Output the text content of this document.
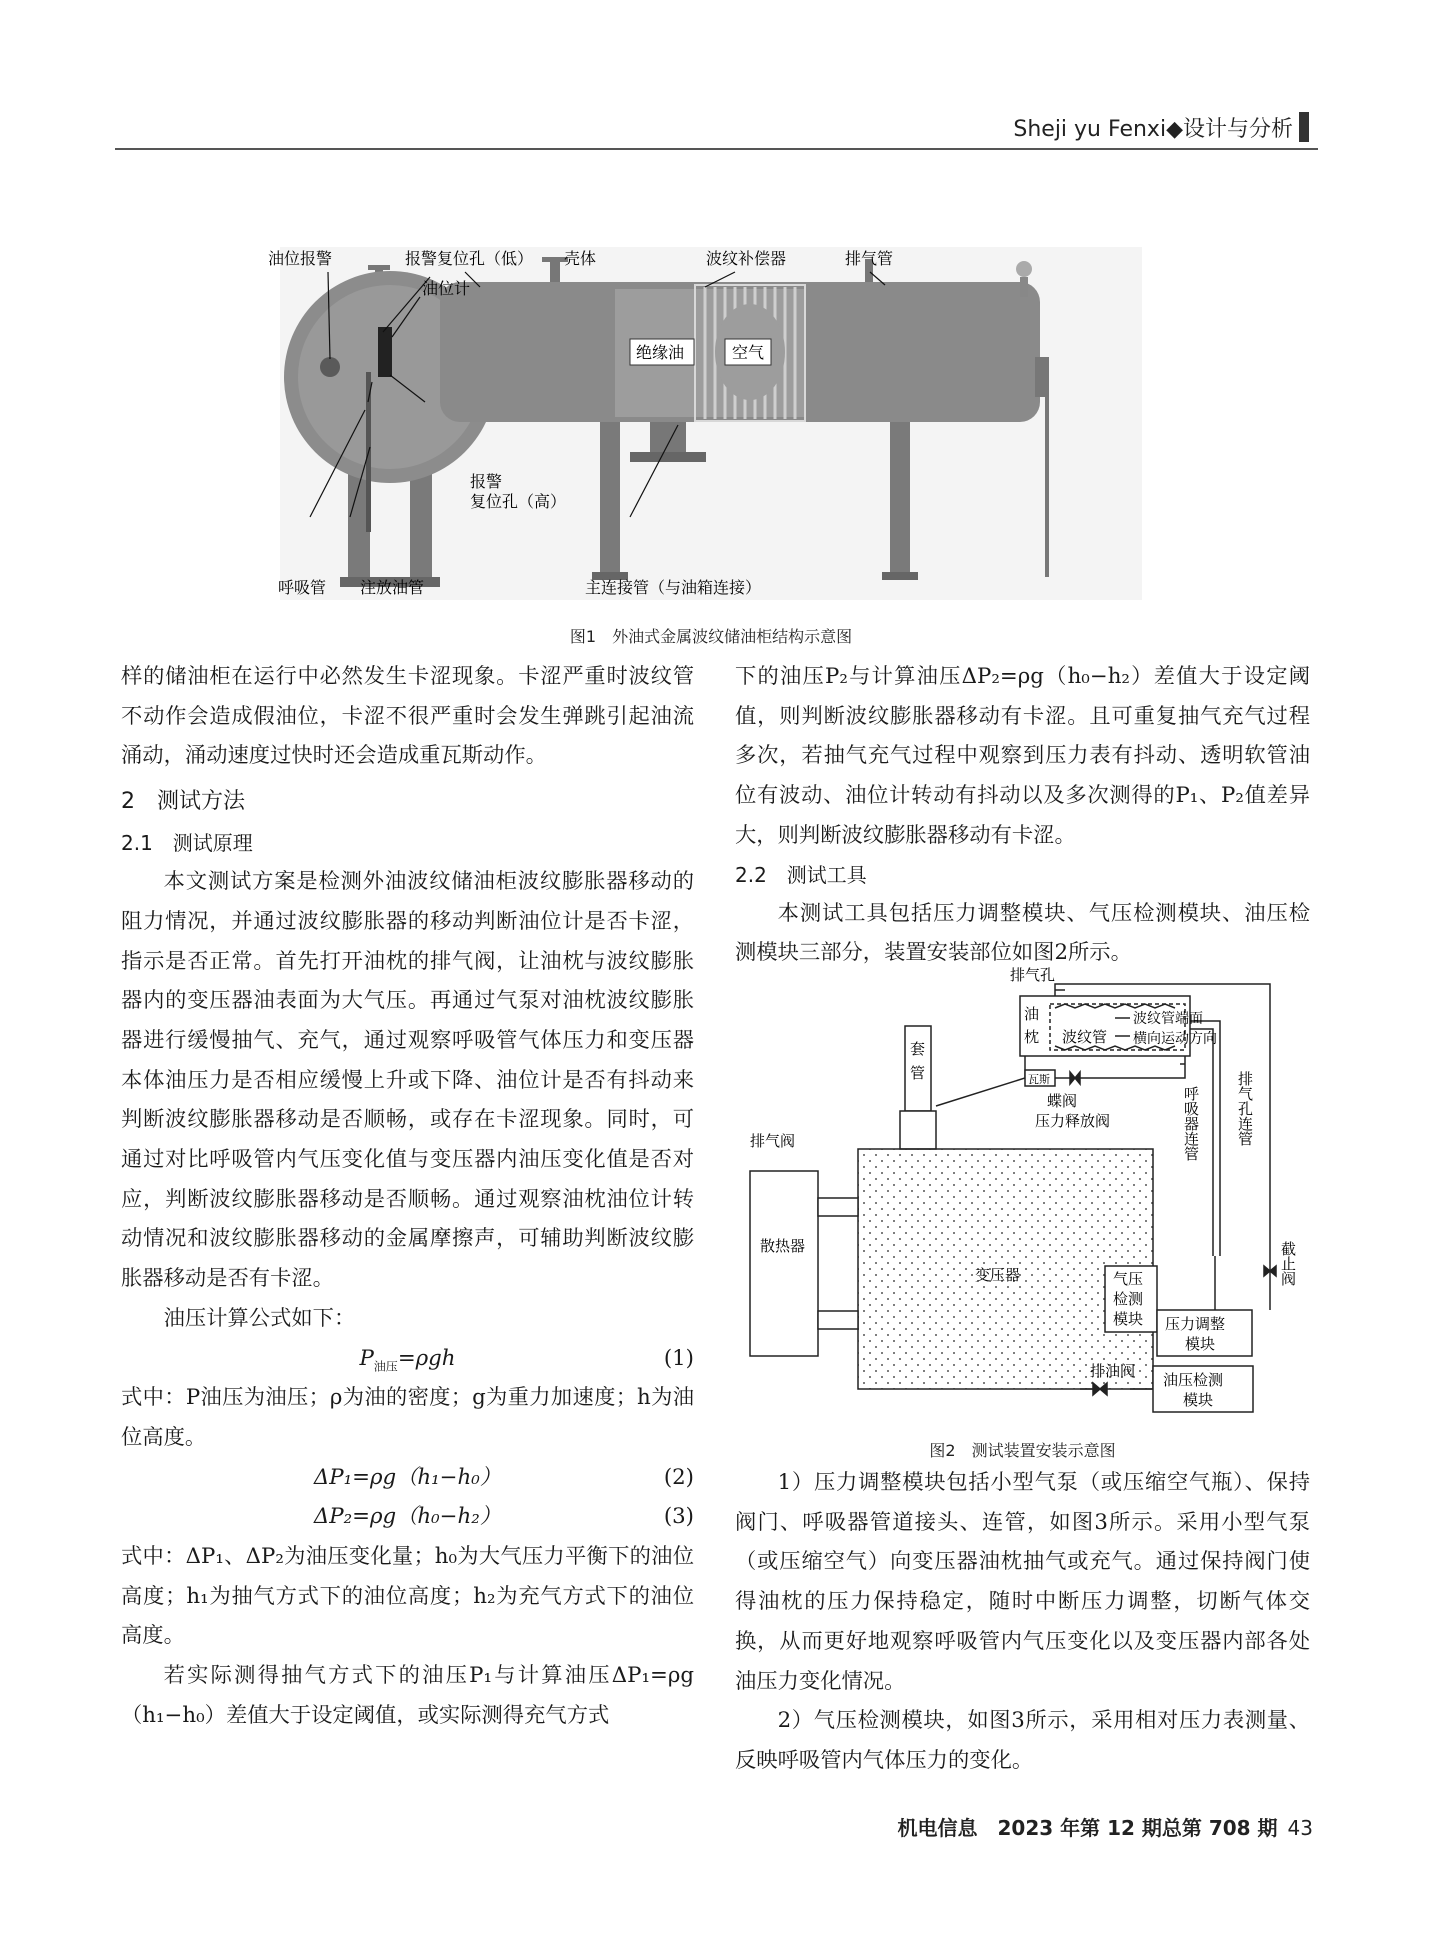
Sheji yu Fenxi◆设计与分析
油位报警	报警复位孔（低）
油位计
壳体	波纹补偿器	排气管
绝缘油	空气
报警
复位孔（高）
呼吸管 注放油管	主连接管（与油箱连接）
图1　外油式金属波纹储油柜结构示意图

样的储油柜在运行中必然发生卡涩现象。卡涩严重时波纹管不动作会造成假油位，卡涩不很严重时会发生弹跳引起油流涌动，涌动速度过快时还会造成重瓦斯动作。

2　测试方法
2.1　测试原理

本文测试方案是检测外油波纹储油柜波纹膨胀器移动的阻力情况，并通过波纹膨胀器的移动判断油位计是否卡涩，指示是否正常。首先打开油枕的排气阀，让油枕与波纹膨胀器内的变压器油表面为大气压。再通过气泵对油枕波纹膨胀器进行缓慢抽气、充气，通过观察呼吸管气体压力和变压器本体油压力是否相应缓慢上升或下降、油位计是否有抖动来判断波纹膨胀器移动是否顺畅，或存在卡涩现象。同时，可通过对比呼吸管内气压变化值与变压器内油压变化值是否对应，判断波纹膨胀器移动是否顺畅。通过观察油枕油位计转动情况和波纹膨胀器移动的金属摩擦声，可辅助判断波纹膨胀器移动是否有卡涩。

油压计算公式如下：

$P_{油压}=\rho gh$	(1)

式中：P油压为油压；ρ为油的密度；g为重力加速度；h为油位高度。

ΔP₁=ρg（h₁−h₀）	(2)
ΔP₂=ρg（h₀−h₂）	(3)

式中：ΔP₁、ΔP₂为油压变化量；h₀为大气压力平衡下的油位高度；h₁为抽气方式下的油位高度；h₂为充气方式下的油位高度。

若实际测得抽气方式下的油压P₁与计算油压ΔP₁=ρg（h₁−h₀）差值大于设定阈值，或实际测得充气方式

下的油压P₂与计算油压ΔP₂=ρg（h₀−h₂）差值大于设定阈值，则判断波纹膨胀器移动有卡涩。且可重复抽气充气过程多次，若抽气充气过程中观察到压力表有抖动、透明软管油位有波动、油位计转动有抖动以及多次测得的P₁、P₂值差异大，则判断波纹膨胀器移动有卡涩。

2.2　测试工具

本测试工具包括压力调整模块、气压检测模块、油压检测模块三部分，装置安装部位如图2所示。

排气孔
油
枕 波纹管
波纹管端面
横向运动方向
套
管	瓦斯
蝶阀
压力释放阀	呼吸器连管 排气孔连管
排气阀
散热器
变压器	气压
检测
模块
截止阀
压力调整
模块
排油阀 油压检测
模块
图2　测试装置安装示意图

1）压力调整模块包括小型气泵（或压缩空气瓶）、保持阀门、呼吸器管道接头、连管，如图3所示。采用小型气泵（或压缩空气）向变压器油枕抽气或充气。通过保持阀门使得油枕的压力保持稳定，随时中断压力调整，切断气体交换，从而更好地观察呼吸管内气压变化以及变压器内部各处油压力变化情况。

2）气压检测模块，如图3所示，采用相对压力表测量、反映呼吸管内气体压力的变化。

机电信息  2023 年第 12 期总第 708 期  43
